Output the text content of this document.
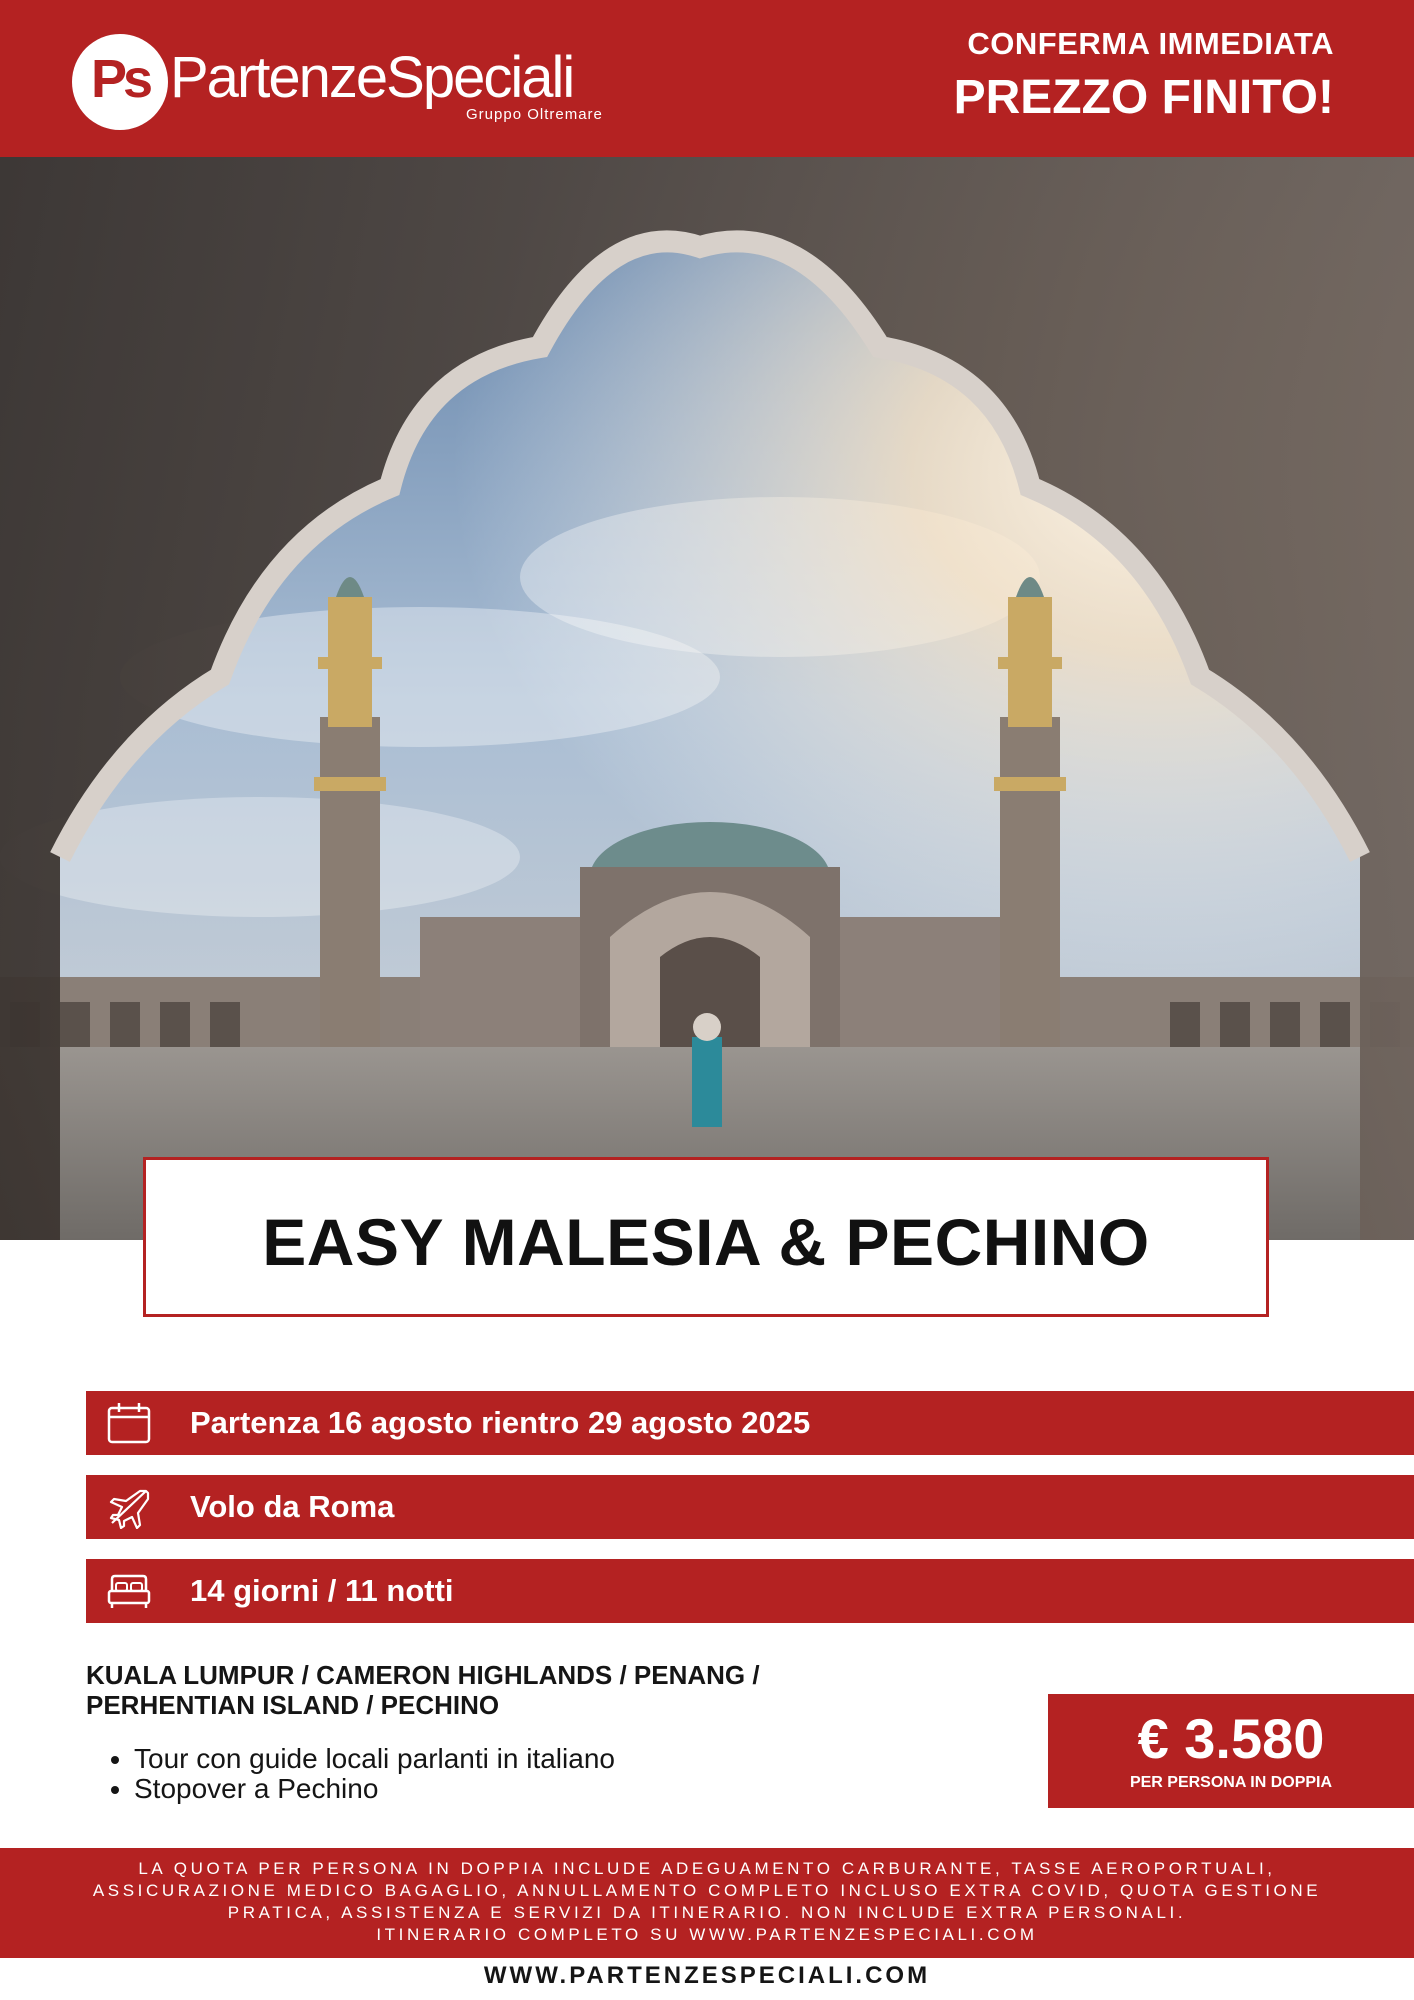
Ps PartenzeSpeciali
Gruppo Oltremare
CONFERMA IMMEDIATA
PREZZO FINITO!
EASY MALESIA & PECHINO
Partenza 16 agosto rientro 29 agosto 2025
Volo da Roma
14 giorni / 11 notti
KUALA LUMPUR / CAMERON HIGHLANDS / PENANG /
PERHENTIAN ISLAND / PECHINO
• Tour con guide locali parlanti in italiano
• Stopover a Pechino
€ 3.580
PER PERSONA IN DOPPIA
LA QUOTA PER PERSONA IN DOPPIA INCLUDE ADEGUAMENTO CARBURANTE, TASSE AEROPORTUALI,
ASSICURAZIONE MEDICO BAGAGLIO, ANNULLAMENTO COMPLETO INCLUSO EXTRA COVID, QUOTA GESTIONE
PRATICA, ASSISTENZA E SERVIZI DA ITINERARIO. NON INCLUDE EXTRA PERSONALI.
ITINERARIO COMPLETO SU WWW.PARTENZESPECIALI.COM
WWW.PARTENZESPECIALI.COM
